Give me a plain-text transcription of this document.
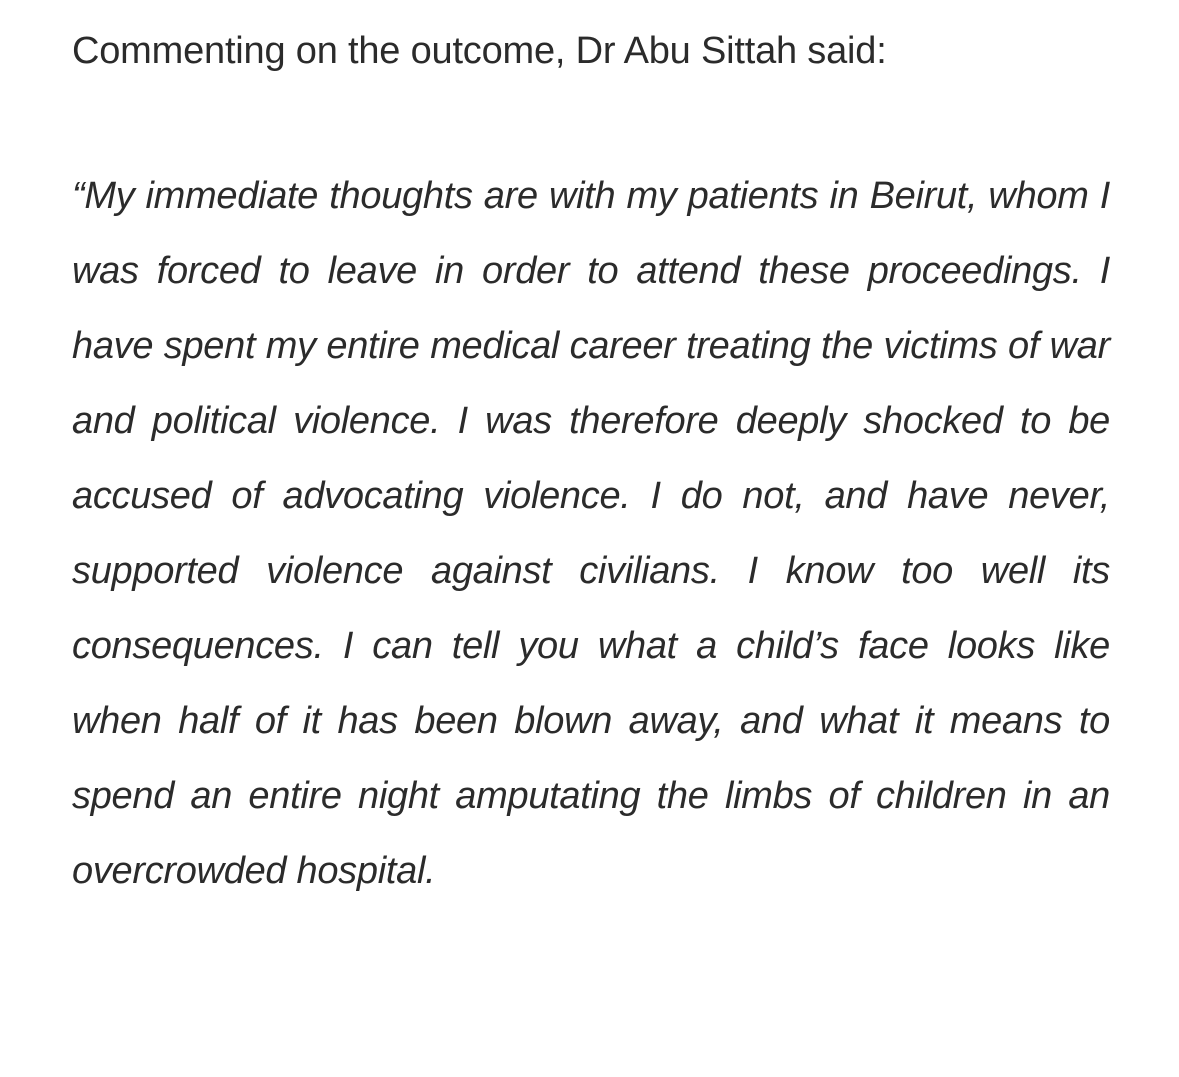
Commenting on the outcome, Dr Abu Sittah said:

“My immediate thoughts are with my patients in Beirut, whom I was forced to leave in order to attend these proceedings. I have spent my entire medical career treating the victims of war and political violence. I was therefore deeply shocked to be accused of advocating violence. I do not, and have never, supported violence against civilians. I know too well its consequences. I can tell you what a child’s face looks like when half of it has been blown away, and what it means to spend an entire night amputating the limbs of children in an overcrowded hospital.
